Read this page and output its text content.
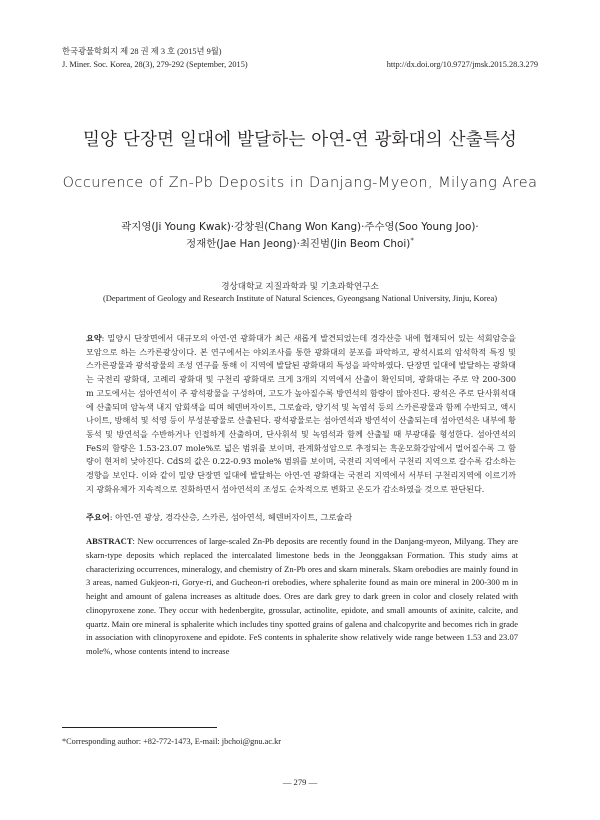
한국광물학회지 제 28 권 제 3 호 (2015년 9월)
J. Miner. Soc. Korea, 28(3), 279-292 (September, 2015)	http://dx.doi.org/10.9727/jmsk.2015.28.3.279
밀양 단장면 일대에 발달하는 아연-연 광화대의 산출특성
Occurence of Zn-Pb Deposits in Danjang-Myeon, Milyang Area
곽지영(Ji Young Kwak)·강창원(Chang Won Kang)·주수영(Soo Young Joo)·
정재한(Jae Han Jeong)·최진범(Jin Beom Choi)*
경상대학교 지질과학과 및 기초과학연구소
(Department of Geology and Research Institute of Natural Sciences, Gyeongsang National University, Jinju, Korea)
요약: 밀양시 단장면에서 대규모의 아연-연 광화대가 최근 새롭게 발견되었는데 경각산층 내에 협재되어 있는 석회암층을 모암으로 하는 스카른광상이다. 본 연구에서는 야외조사를 통한 광화대의 분포를 파악하고, 광석시료의 암석학적 특징 및 스카른광물과 광석광물의 조성 연구를 통해 이 지역에 발달된 광화대의 특성을 파악하였다. 단장면 일대에 발달하는 광화대는 국전리 광화대, 고례리 광화대 및 구천리 광화대로 크게 3개의 지역에서 산출이 확인되며, 광화대는 주로 약 200-300 m 고도에서는 섬아연석이 주 광석광물을 구성하며, 고도가 높아질수록 방연석의 함량이 많아진다. 광석은 주로 단사휘석대에 산출되며 암녹색 내지 암회색을 띠며 헤덴버자이트, 그로슐라, 양기석 및 녹염석 등의 스카른광물과 함께 수반되고, 액시나이트, 방해석 및 석영 등이 부성분광물로 산출된다. 광석광물로는 섬아연석과 방연석이 산출되는데 섬아연석은 내부에 황동석 및 방연석을 수반하거나 인접하게 산출하며, 단사휘석 및 녹염석과 함께 산출될 때 부광대를 형성한다. 섬아연석의 FeS의 함량은 1.53-23.07 mole%로 넓은 범위를 보이며, 관계화성암으로 추정되는 흑운모화강암에서 멀어질수록 그 함량이 현저히 낮아진다. CdS의 값은 0.22-0.93 mole% 범위를 보이며, 국전리 지역에서 구천리 지역으로 갈수록 감소하는 경향을 보인다. 이와 같이 밀양 단장면 일대에 발달하는 아연-연 광화대는 국전리 지역에서 서부터 구천리지역에 이르기까지 광화유체가 지속적으로 진화하면서 섬아연석의 조성도 순차적으로 변화고 온도가 감소하였을 것으로 판단된다.
주요어: 아연-연 광상, 경각산층, 스카른, 섬아연석, 헤덴버자이트, 그로슐라
ABSTRACT: New occurrences of large-scaled Zn-Pb deposits are recently found in the Danjang-myeon, Milyang. They are skarn-type deposits which replaced the intercalated limestone beds in the Jeonggaksan Formation. This study aims at characterizing occurrences, mineralogy, and chemistry of Zn-Pb ores and skarn minerals. Skarn orebodies are mainly found in 3 areas, named Gukjeon-ri, Gorye-ri, and Gucheon-ri orebodies, where sphalerite found as main ore mineral in 200-300 m in height and amount of galena increases as altitude does. Ores are dark grey to dark green in color and closely related with clinopyroxene zone. They occur with hedenbergite, grossular, actinolite, epidote, and small amounts of axinite, calcite, and quartz. Main ore mineral is sphalerite which includes tiny spotted grains of galena and chalcopyrite and becomes rich in grade in association with clinopyroxene and epidote. FeS contents in sphalerite show relatively wide range between 1.53 and 23.07 mole%, whose contents intend to increase
*Corresponding author: +82-772-1473, E-mail: jbchoi@gnu.ac.kr
— 279 —
